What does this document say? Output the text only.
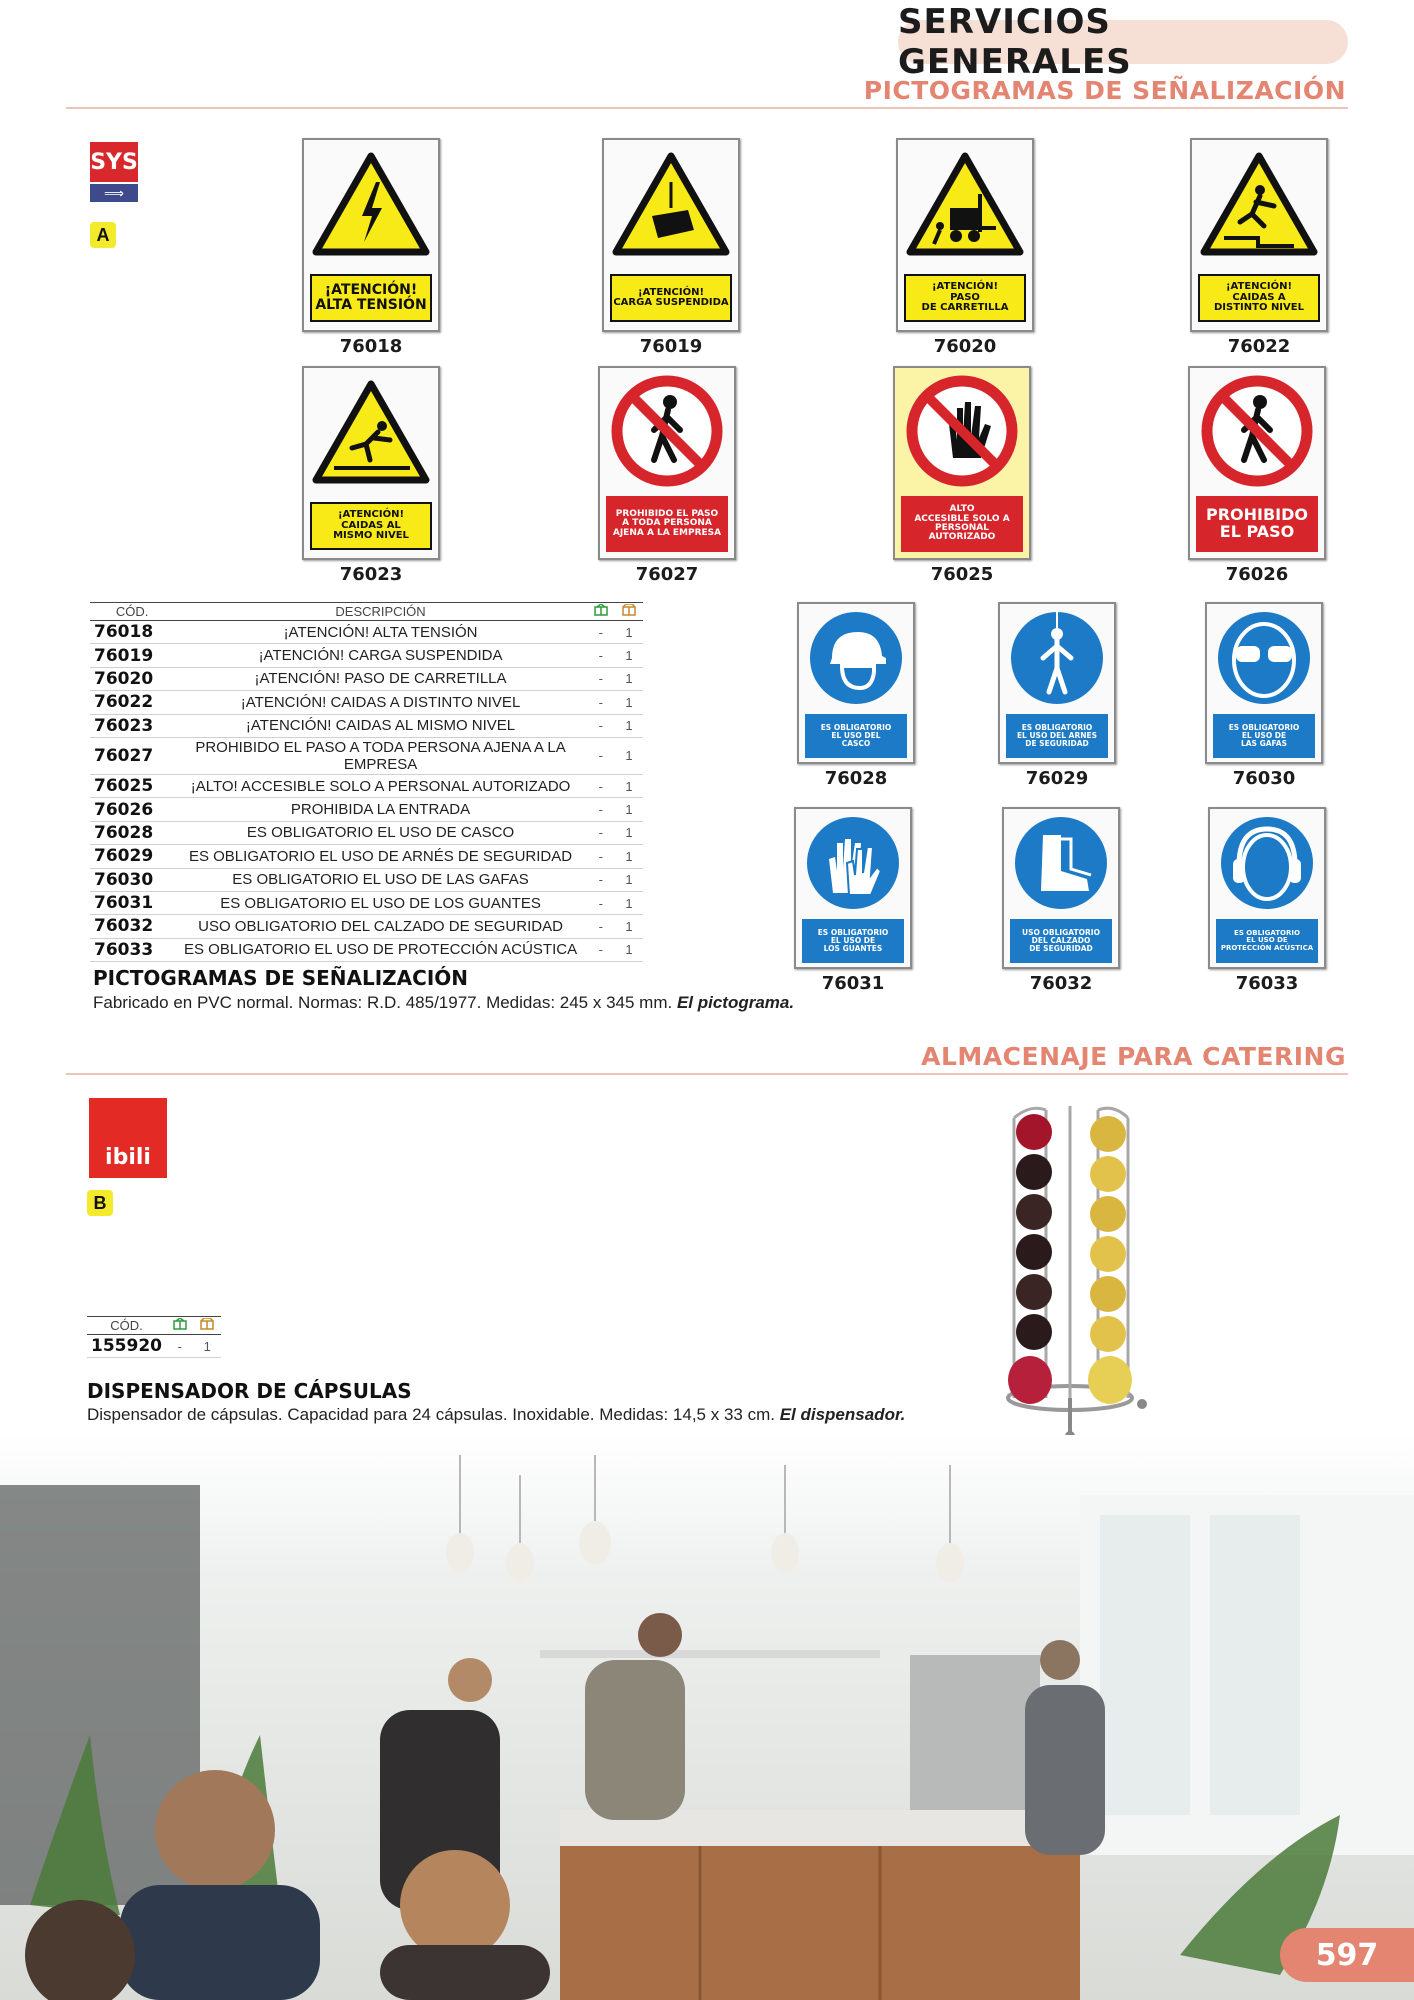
SERVICIOS GENERALES
PICTOGRAMAS DE SEÑALIZACIÓN
SYS
⟹
A
¡ATENCIÓN!
ALTA TENSIÓN
76018
¡ATENCIÓN!
CARGA SUSPENDIDA
76019
¡ATENCIÓN!
PASO
DE CARRETILLA
76020
¡ATENCIÓN!
CAIDAS A
DISTINTO NIVEL
76022
¡ATENCIÓN!
CAIDAS AL
MISMO NIVEL
76023
PROHIBIDO EL PASO
A TODA PERSONA
AJENA A LA EMPRESA
76027
ALTO
ACCESIBLE SOLO A
PERSONAL AUTORIZADO
76025
PROHIBIDO
EL PASO
76026
ES OBLIGATORIO
EL USO DEL
CASCO
76028
ES OBLIGATORIO
EL USO DEL ARNES
DE SEGURIDAD
76029
ES OBLIGATORIO
EL USO DE
LAS GAFAS
76030
ES OBLIGATORIO
EL USO DE
LOS GUANTES
76031
USO OBLIGATORIO
DEL CALZADO
DE SEGURIDAD
76032
ES OBLIGATORIO
EL USO DE
PROTECCIÓN ACÚSTICA
76033
CÓD.	DESCRIPCIÓN		
76018	¡ATENCIÓN! ALTA TENSIÓN	-	1
76019	¡ATENCIÓN! CARGA SUSPENDIDA	-	1
76020	¡ATENCIÓN! PASO DE CARRETILLA	-	1
76022	¡ATENCIÓN! CAIDAS A DISTINTO NIVEL	-	1
76023	¡ATENCIÓN! CAIDAS AL MISMO NIVEL	-	1
76027	PROHIBIDO EL PASO A TODA PERSONA AJENA A LA EMPRESA	-	1
76025	¡ALTO! ACCESIBLE SOLO A PERSONAL AUTORIZADO	-	1
76026	PROHIBIDA LA ENTRADA	-	1
76028	ES OBLIGATORIO EL USO DE CASCO	-	1
76029	ES OBLIGATORIO EL USO DE ARNÉS DE SEGURIDAD	-	1
76030	ES OBLIGATORIO EL USO DE LAS GAFAS	-	1
76031	ES OBLIGATORIO EL USO DE LOS GUANTES	-	1
76032	USO OBLIGATORIO DEL CALZADO DE SEGURIDAD	-	1
76033	ES OBLIGATORIO EL USO DE PROTECCIÓN ACÚSTICA	-	1
PICTOGRAMAS DE SEÑALIZACIÓN
Fabricado en PVC normal. Normas: R.D. 485/1977. Medidas: 245 x 345 mm. El pictograma.
ALMACENAJE PARA CATERING
ibili
B
CÓD.		
155920	-	1
DISPENSADOR DE CÁPSULAS
Dispensador de cápsulas. Capacidad para 24 cápsulas. Inoxidable. Medidas: 14,5 x 33 cm. El dispensador.
597
